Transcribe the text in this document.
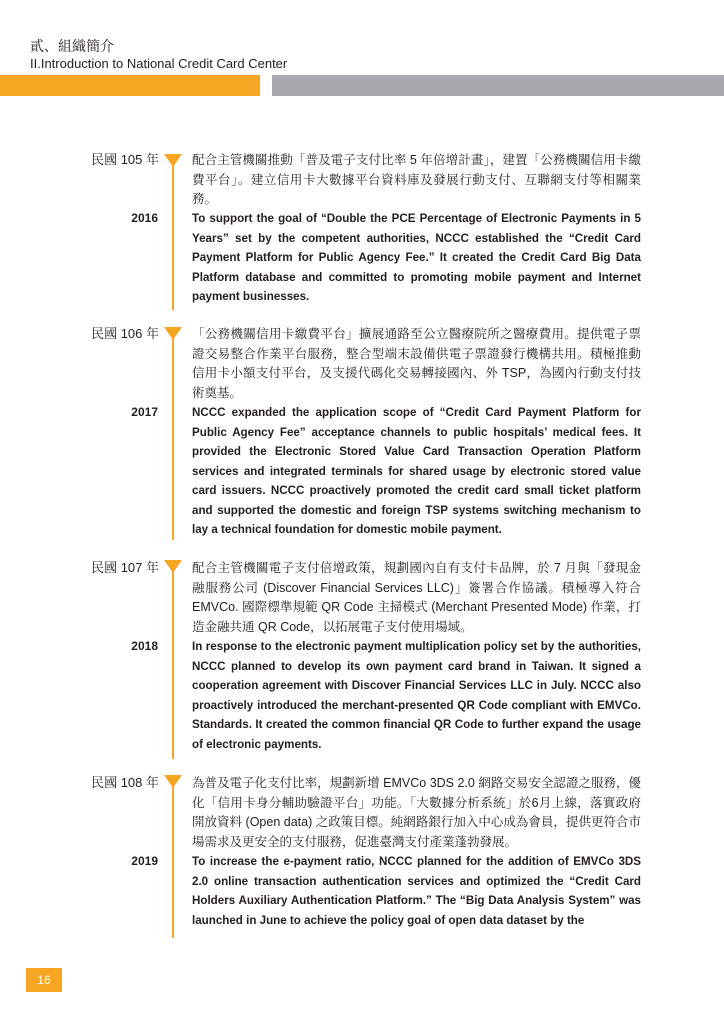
貳、組織簡介
II.Introduction to National Credit Card Center
民國 105 年
2016
配合主管機關推動「普及電子支付比率 5 年倍增計畫」，建置「公務機關信用卡繳費平台」。建立信用卡大數據平台資料庫及發展行動支付、互聯網支付等相關業務。
To support the goal of “Double the PCE Percentage of Electronic Payments in 5 Years” set by the competent authorities, NCCC established the “Credit Card Payment Platform for Public Agency Fee.” It created the Credit Card Big Data Platform database and committed to promoting mobile payment and Internet payment businesses.
民國 106 年
2017
「公務機關信用卡繳費平台」擴展通路至公立醫療院所之醫療費用。提供電子票證交易整合作業平台服務，整合型端末設備供電子票證發行機構共用。積極推動信用卡小額支付平台，及支援代碼化交易轉接國內、外 TSP，為國內行動支付技術奠基。
NCCC expanded the application scope of “Credit Card Payment Platform for Public Agency Fee” acceptance channels to public hospitals’ medical fees. It provided the Electronic Stored Value Card Transaction Operation Platform services and integrated terminals for shared usage by electronic stored value card issuers. NCCC proactively promoted the credit card small ticket platform and supported the domestic and foreign TSP systems switching mechanism to lay a technical foundation for domestic mobile payment.
民國 107 年
2018
配合主管機關電子支付倍增政策，規劃國內自有支付卡品牌，於 7 月與「發現金融服務公司 (Discover Financial Services LLC)」簽署合作協議。積極導入符合 EMVCo. 國際標準規範 QR Code 主掃模式 (Merchant Presented Mode) 作業，打造金融共通 QR Code，以拓展電子支付使用場域。
In response to the electronic payment multiplication policy set by the authorities, NCCC planned to develop its own payment card brand in Taiwan. It signed a cooperation agreement with Discover Financial Services LLC in July. NCCC also proactively introduced the merchant-presented QR Code compliant with EMVCo. Standards. It created the common financial QR Code to further expand the usage of electronic payments.
民國 108 年
2019
為普及電子化支付比率，規劃新增 EMVCo 3DS 2.0 網路交易安全認證之服務，優化「信用卡身分輔助驗證平台」功能。「大數據分析系統」於6月上線，落實政府開放資料 (Open data) 之政策目標。純網路銀行加入中心成為會員，提供更符合市場需求及更安全的支付服務，促進臺灣支付產業蓬勃發展。
To increase the e-payment ratio, NCCC planned for the addition of EMVCo 3DS 2.0 online transaction authentication services and optimized the “Credit Card Holders Auxiliary Authentication Platform.” The “Big Data Analysis System” was launched in June to achieve the policy goal of open data dataset by the
16
